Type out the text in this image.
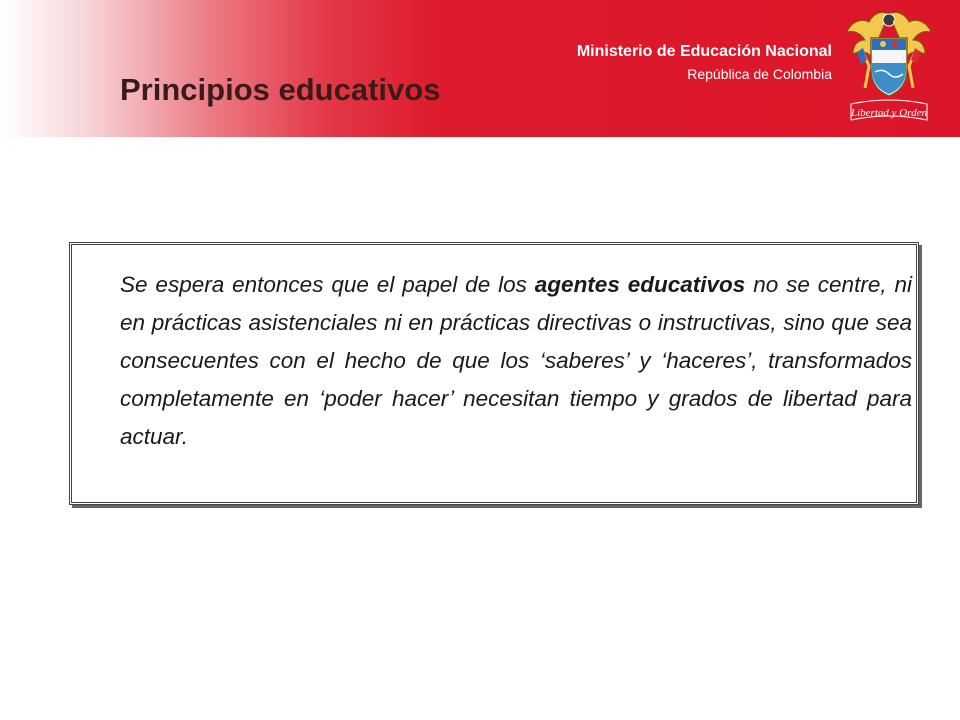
Principios educativos
Ministerio de Educación Nacional
República de Colombia
Libertad y Orden

Se espera entonces que el papel de los agentes educativos no se centre, ni en prácticas asistenciales ni en prácticas directivas o instructivas, sino que sea consecuentes con el hecho de que los ‘saberes’ y ‘haceres’, transformados completamente en ‘poder hacer’ necesitan tiempo y grados de libertad para actuar.
